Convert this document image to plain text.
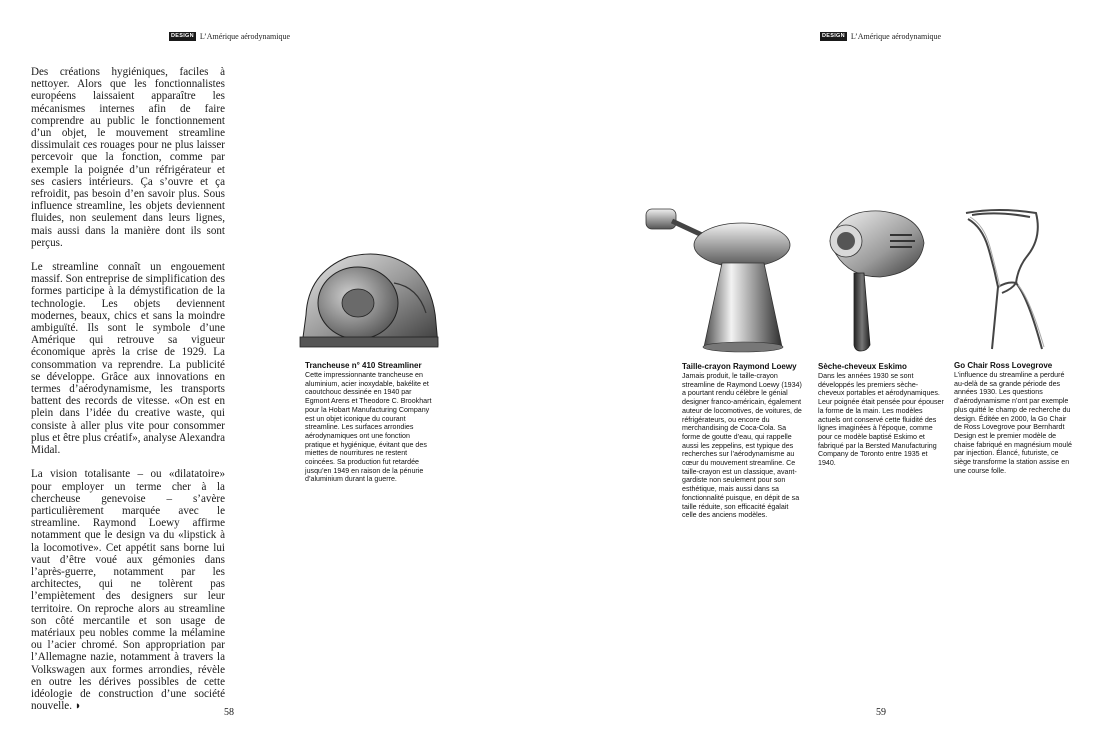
DESIGN L’Amérique aérodynamique

Des créations hygiéniques, faciles à nettoyer. Alors que les fonctionnalistes européens laissaient apparaître les mécanismes internes afin de faire comprendre au public le fonctionnement d’un objet, le mouvement streamline dissimulait ces rouages pour ne plus laisser percevoir que la fonction, comme par exemple la poignée d’un réfrigérateur et ses casiers intérieurs. Ça s’ouvre et ça refroidit, pas besoin d’en savoir plus. Sous influence streamline, les objets deviennent fluides, non seulement dans leurs lignes, mais aussi dans la manière dont ils sont perçus.

Le streamline connaît un engouement massif. Son entreprise de simplification des formes participe à la démystification de la technologie. Les objets deviennent modernes, beaux, chics et sans la moindre ambiguïté. Ils sont le symbole d’une Amérique qui retrouve sa vigueur économique après la crise de 1929. La consommation va reprendre. La publicité se développe. Grâce aux innovations en termes d’aérodynamisme, les transports battent des records de vitesse. «On est en plein dans l’idée du creative waste, qui consiste à aller plus vite pour consommer plus et être plus créatif», analyse Alexandra Midal.

La vision totalisante – ou «dilatatoire» pour employer un terme cher à la chercheuse genevoise – s’avère particulièrement marquée avec le streamline. Raymond Loewy affirme notamment que le design va du «lipstick à la locomotive». Cet appétit sans borne lui vaut d’être voué aux gémonies dans l’après-guerre, notamment par les architectes, qui ne tolèrent pas l’empiètement des designers sur leur territoire. On reproche alors au streamline son côté mercantile et son usage de matériaux peu nobles comme la mélamine ou l’acier chromé. Son appropriation par l’Allemagne nazie, notamment à travers la Volkswagen aux formes arrondies, révèle en outre les dérives possibles de cette idéologie de construction d’une société nouvelle. ◗

58
DESIGN L’Amérique aérodynamique
Trancheuse n° 410 Streamliner
Cette impressionnante trancheuse en aluminium, acier inoxydable, bakélite et caoutchouc dessinée en 1940 par Egmont Arens et Theodore C. Brookhart pour la Hobart Manufacturing Company est un objet iconique du courant streamline. Les surfaces arrondies aérodynamiques ont une fonction pratique et hygiénique, évitant que des miettes de nourritures ne restent coincées. Sa production fut retardée jusqu’en 1949 en raison de la pénurie d’aluminium durant la guerre.
Taille-crayon Raymond Loewy
Jamais produit, le taille-crayon streamline de Raymond Loewy (1934) a pourtant rendu célèbre le génial designer franco-américain, également auteur de locomotives, de voitures, de réfrigérateurs, ou encore du merchandising de Coca-Cola. Sa forme de goutte d’eau, qui rappelle aussi les zeppelins, est typique des recherches sur l’aérodynamisme au cœur du mouvement streamline. Ce taille-crayon est un classique, avant-gardiste non seulement pour son esthétique, mais aussi dans sa fonctionnalité puisque, en dépit de sa taille réduite, son efficacité égalait celle des anciens modèles.
Sèche-cheveux Eskimo
Dans les années 1930 se sont développés les premiers sèche-cheveux portables et aérodynamiques. Leur poignée était pensée pour épouser la forme de la main. Les modèles actuels ont conservé cette fluidité des lignes imaginées à l’époque, comme pour ce modèle baptisé Eskimo et fabriqué par la Bersted Manufacturing Company de Toronto entre 1935 et 1940.
Go Chair Ross Lovegrove
L’influence du streamline a perduré au-delà de sa grande période des années 1930. Les questions d’aérodynamisme n’ont par exemple plus quitté le champ de recherche du design. Éditée en 2000, la Go Chair de Ross Lovegrove pour Bernhardt Design est le premier modèle de chaise fabriqué en magnésium moulé par injection. Élancé, futuriste, ce siège transforme la station assise en une course folle.
59
